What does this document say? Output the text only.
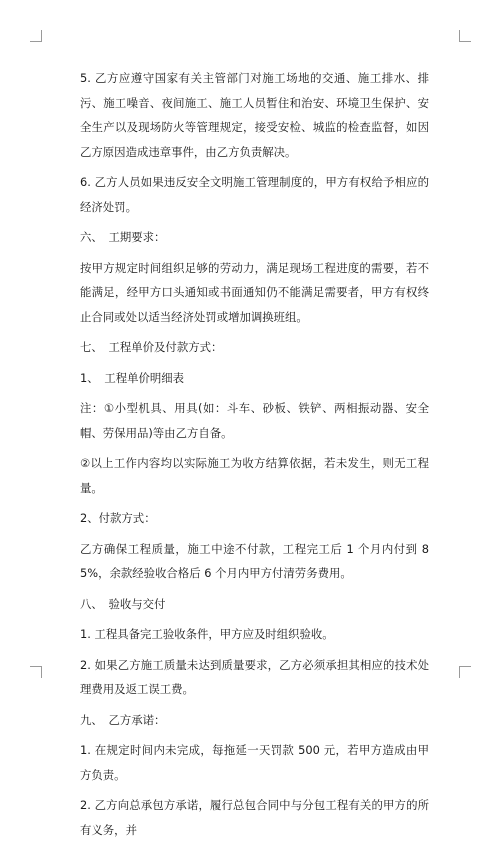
5. 乙方应遵守国家有关主管部门对施工场地的交通、施工排水、排污、施工噪音、夜间施工、施工人员暂住和治安、环境卫生保护、安全生产以及现场防火等管理规定，接受安检、城监的检查监督，如因乙方原因造成违章事件，由乙方负责解决。

6. 乙方人员如果违反安全文明施工管理制度的，甲方有权给予相应的经济处罚。

六、　工期要求：

按甲方规定时间组织足够的劳动力，满足现场工程进度的需要，若不能满足，经甲方口头通知或书面通知仍不能满足需要者，甲方有权终止合同或处以适当经济处罚或增加调换班组。

七、　工程单价及付款方式：

1、　工程单价明细表

注：①小型机具、用具(如：斗车、砂板、铁铲、两相振动器、安全帽、劳保用品)等由乙方自备。

②以上工作内容均以实际施工为收方结算依据，若未发生，则无工程量。

2、付款方式：

乙方确保工程质量，施工中途不付款，工程完工后 1 个月内付到 85%，余款经验收合格后 6 个月内甲方付清劳务费用。

八、　验收与交付

1. 工程具备完工验收条件，甲方应及时组织验收。

2. 如果乙方施工质量未达到质量要求，乙方必须承担其相应的技术处理费用及返工误工费。

九、　乙方承诺：

1. 在规定时间内未完成，每拖延一天罚款 500 元，若甲方造成由甲方负责。

2. 乙方向总承包方承诺，履行总包合同中与分包工程有关的甲方的所有义务，并
